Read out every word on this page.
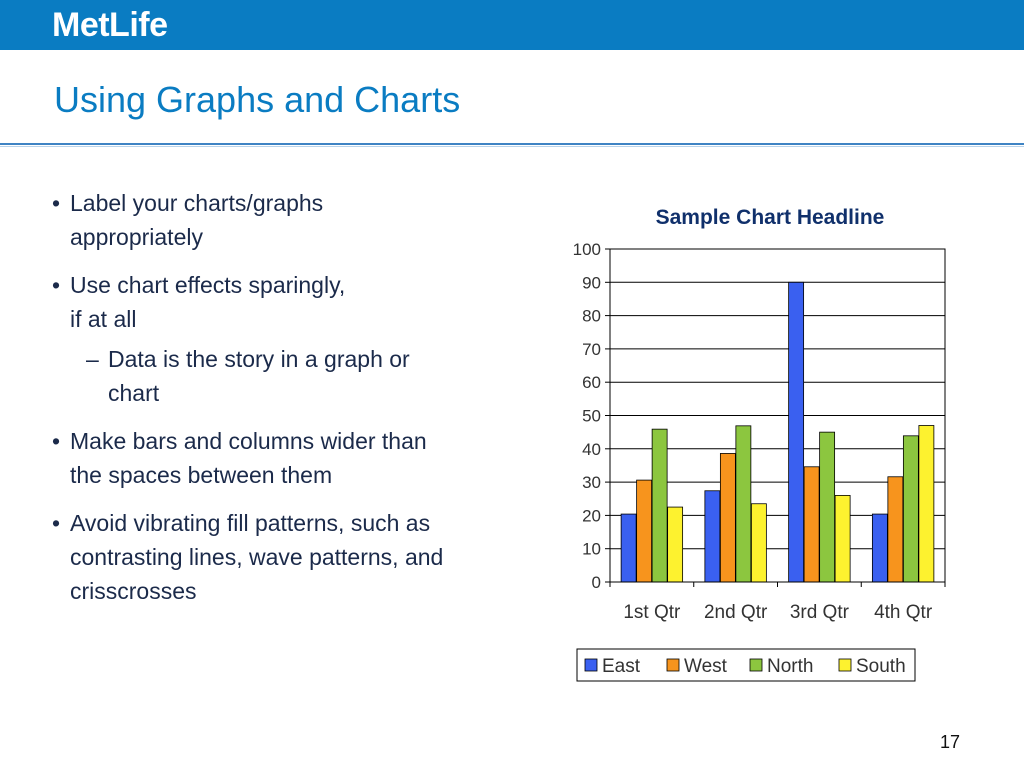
MetLife
Using Graphs and Charts
• Label your charts/graphs
appropriately
• Use chart effects sparingly,
if at all
– Data is the story in a graph or
chart
• Make bars and columns wider than
the spaces between them
• Avoid vibrating fill patterns, such as
contrasting lines, wave patterns, and
crisscrosses
Sample Chart Headline
0
10
20
30
40
50
60
70
80
90
100
1st Qtr 2nd Qtr 3rd Qtr 4th Qtr
East West North South
17
